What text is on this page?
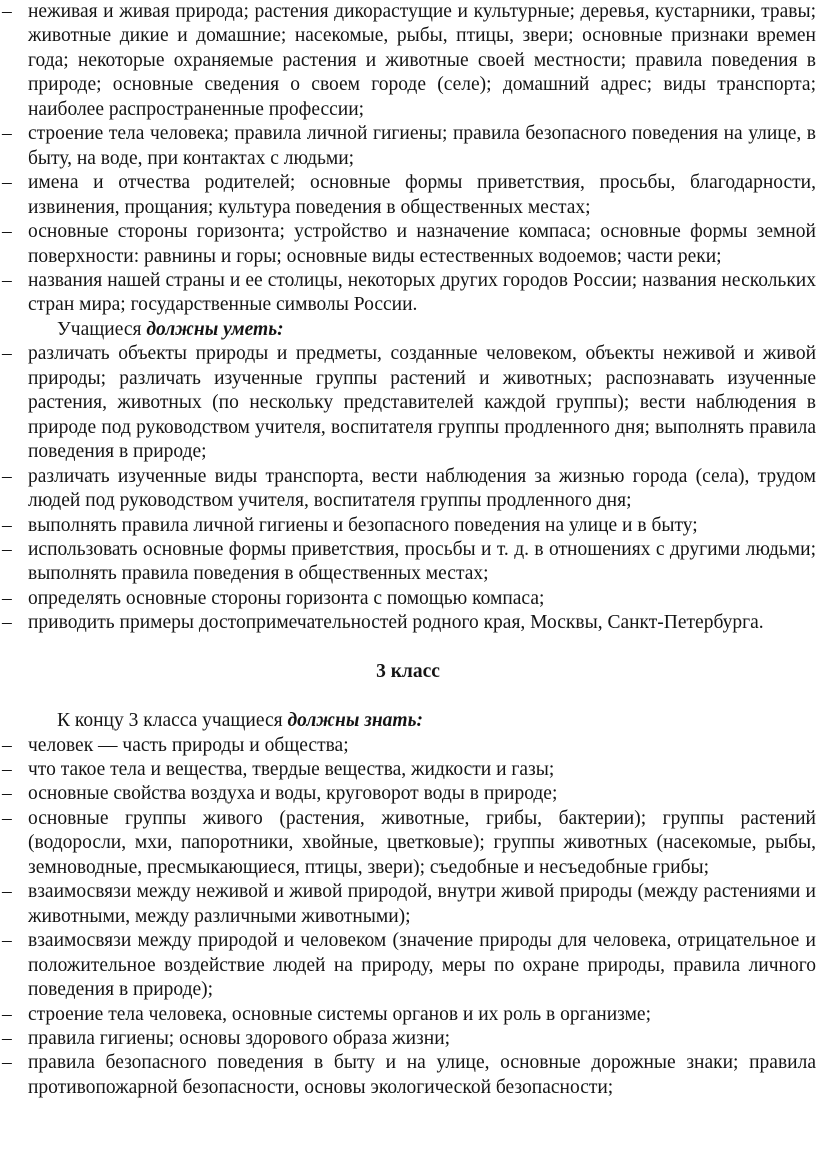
– неживая и живая природа; растения дикорастущие и культурные; деревья, кустарники, травы; животные дикие и домашние; насекомые, рыбы, птицы, звери; основные признаки времен года; некоторые охраняемые растения и животные своей местности; правила поведения в природе; основные сведения о своем городе (селе); домашний адрес; виды транспорта; наиболее распространенные профессии;
– строение тела человека; правила личной гигиены; правила безопасного поведения на улице, в быту, на воде, при контактах с людьми;
– имена и отчества родителей; основные формы приветствия, просьбы, благодарности, извинения, прощания; культура поведения в общественных местах;
– основные стороны горизонта; устройство и назначение компаса; основные формы земной поверхности: равнины и горы; основные виды естественных водоемов; части реки;
– названия нашей страны и ее столицы, некоторых других городов России; названия нескольких стран мира; государственные символы России.

Учащиеся должны уметь:

– различать объекты природы и предметы, созданные человеком, объекты неживой и живой природы; различать изученные группы растений и животных; распознавать изученные растения, животных (по нескольку представителей каждой группы); вести наблюдения в природе под руководством учителя, воспитателя группы продленного дня; выполнять правила поведения в природе;
– различать изученные виды транспорта, вести наблюдения за жизнью города (села), трудом людей под руководством учителя, воспитателя группы продленного дня;
– выполнять правила личной гигиены и безопасного поведения на улице и в быту;
– использовать основные формы приветствия, просьбы и т. д. в отношениях с другими людьми; выполнять правила поведения в общественных местах;
– определять основные стороны горизонта с помощью компаса;
– приводить примеры достопримечательностей родного края, Москвы, Санкт-Петербурга.
3 класс

К концу 3 класса учащиеся должны знать:

– человек — часть природы и общества;
– что такое тела и вещества, твердые вещества, жидкости и газы;
– основные свойства воздуха и воды, круговорот воды в природе;
– основные группы живого (растения, животные, грибы, бактерии); группы растений (водоросли, мхи, папоротники, хвойные, цветковые); группы животных (насекомые, рыбы, земноводные, пресмыкающиеся, птицы, звери); съедобные и несъедобные грибы;
– взаимосвязи между неживой и живой природой, внутри живой природы (между растениями и животными, между различными животными);
– взаимосвязи между природой и человеком (значение природы для человека, отрицательное и положительное воздействие людей на природу, меры по охране природы, правила личного поведения в природе);
– строение тела человека, основные системы органов и их роль в организме;
– правила гигиены; основы здорового образа жизни;
– правила безопасного поведения в быту и на улице, основные дорожные знаки; правила противопожарной безопасности, основы экологической безопасности;
